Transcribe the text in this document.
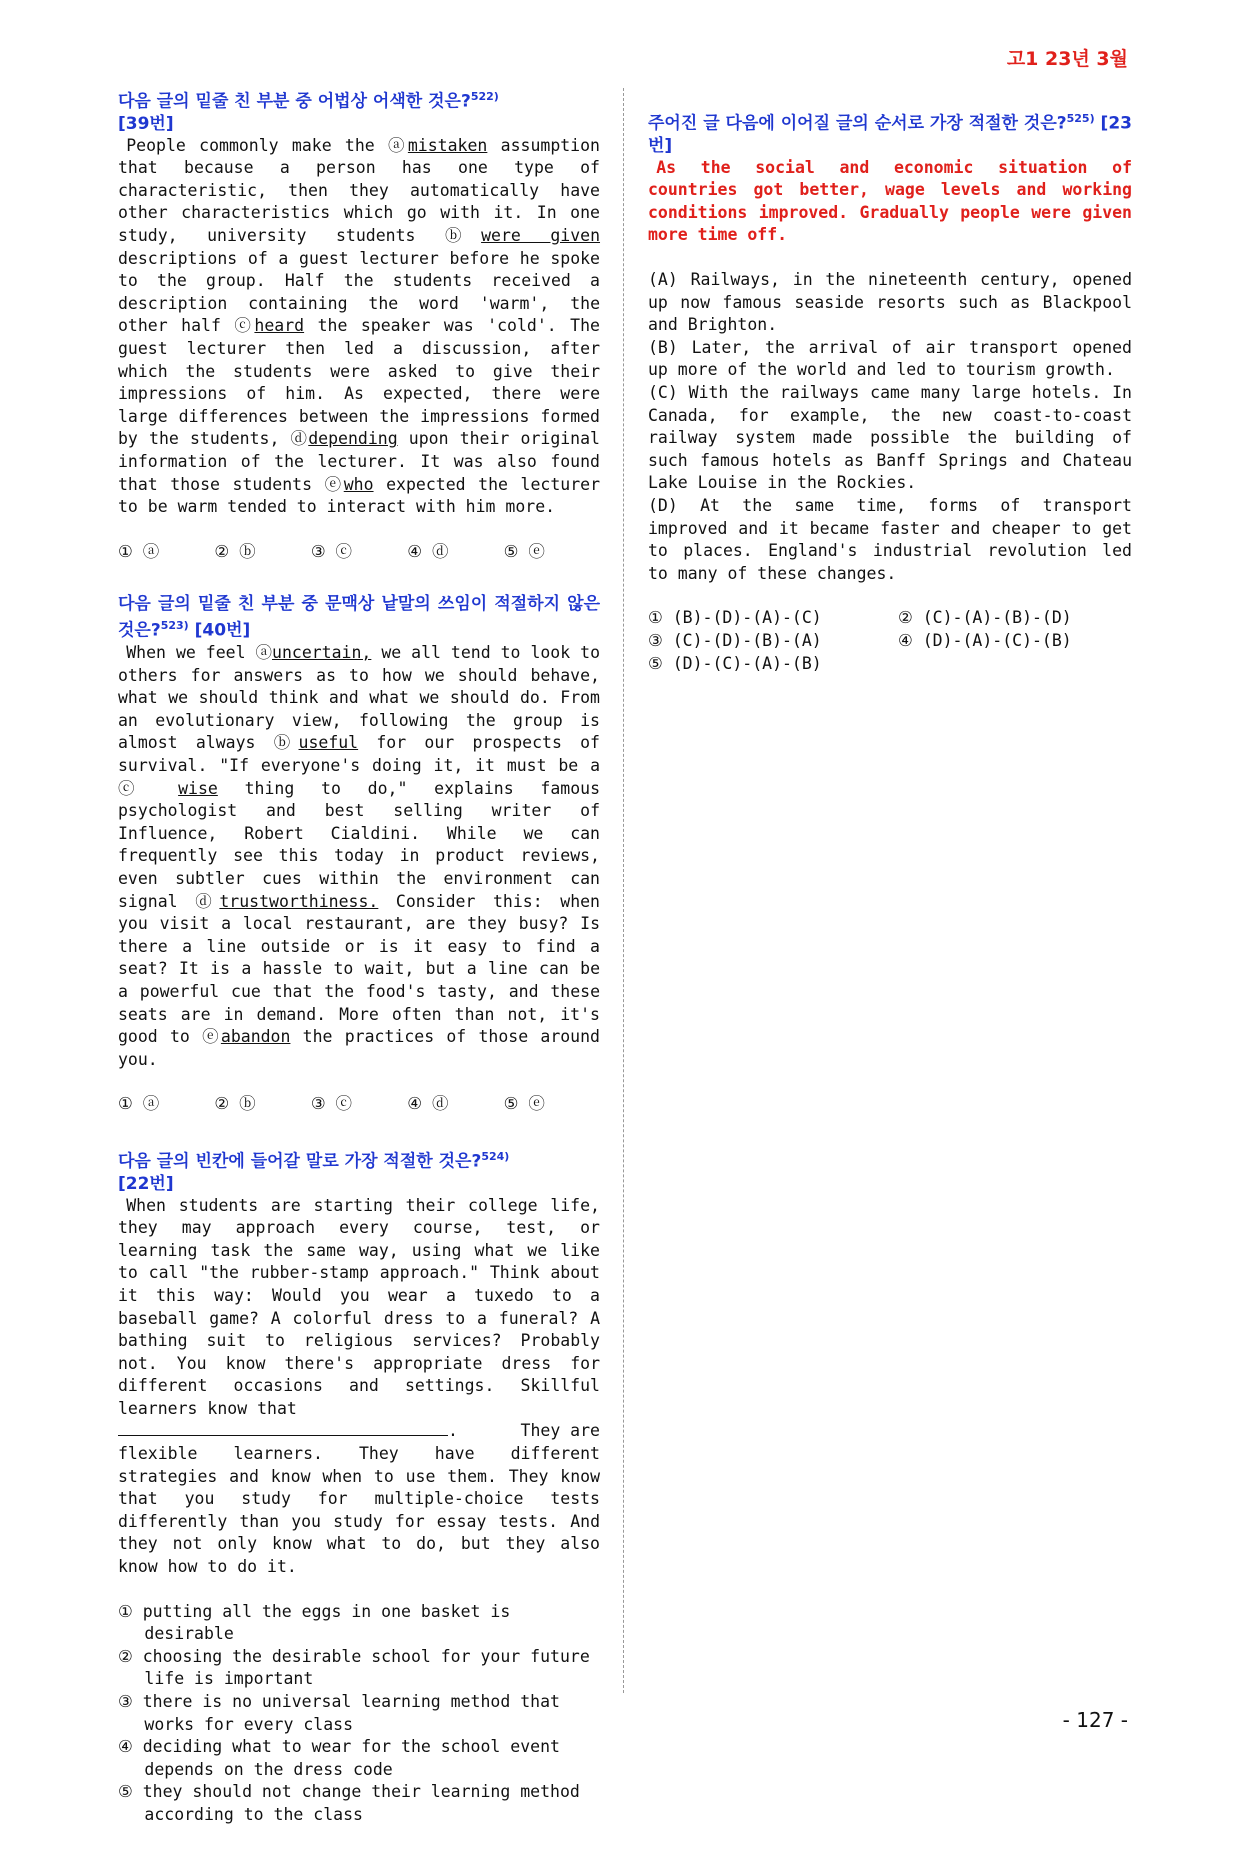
고1 23년 3월

다음 글의 밑줄 친 부분 중 어법상 어색한 것은?$^{522)}$
[39번]

People commonly make the ⓐmistaken assumption that because a person has one type of characteristic, then they automatically have other characteristics which go with it. In one study, university students ⓑwere given descriptions of a guest lecturer before he spoke to the group. Half the students received a description containing the word 'warm', the other half ⓒheard the speaker was 'cold'. The guest lecturer then led a discussion, after which the students were asked to give their impressions of him. As expected, there were large differences between the impressions formed by the students, ⓓdepending upon their original information of the lecturer. It was also found that those students ⓔwho expected the lecturer to be warm tended to interact with him more.

① ⓐ	② ⓑ	③ ⓒ	④ ⓓ	⑤ ⓔ

다음 글의 밑줄 친 부분 중 문맥상 낱말의 쓰임이 적절하지 않은 것은?$^{523)}$ [40번]

When we feel ⓐuncertain, we all tend to look to others for answers as to how we should behave, what we should think and what we should do. From an evolutionary view, following the group is almost always ⓑuseful for our prospects of survival. "If everyone's doing it, it must be a ⓒ wise thing to do," explains famous psychologist and best selling writer of Influence, Robert Cialdini. While we can frequently see this today in product reviews, even subtler cues within the environment can signal ⓓtrustworthiness. Consider this: when you visit a local restaurant, are they busy? Is there a line outside or is it easy to find a seat? It is a hassle to wait, but a line can be a powerful cue that the food's tasty, and these seats are in demand. More often than not, it's good to ⓔabandon the practices of those around you.

① ⓐ	② ⓑ	③ ⓒ	④ ⓓ	⑤ ⓔ

다음 글의 빈칸에 들어갈 말로 가장 적절한 것은?$^{524)}$
[22번]

When students are starting their college life, they may approach every course, test, or learning task the same way, using what we like to call "the rubber-stamp approach." Think about it this way: Would you wear a tuxedo to a baseball game? A colorful dress to a funeral? A bathing suit to religious services? Probably not. You know there's appropriate dress for different occasions and settings. Skillful learners know that

.	They are

flexible learners. They have different strategies and know when to use them. They know that you study for multiple-choice tests differently than you study for essay tests. And they not only know what to do, but they also know how to do it.

① putting all the eggs in one basket is desirable

② choosing the desirable school for your future life is important

③ there is no universal learning method that works for every class

④ deciding what to wear for the school event depends on the dress code

⑤ they should not change their learning method according to the class

주어진 글 다음에 이어질 글의 순서로 가장 적절한 것은?$^{525)}$ [23번]

As the social and economic situation of countries got better, wage levels and working conditions improved. Gradually people were given more time off.

(A) Railways, in the nineteenth century, opened up now famous seaside resorts such as Blackpool and Brighton.

(B) Later, the arrival of air transport opened up more of the world and led to tourism growth.

(C) With the railways came many large hotels. In Canada, for example, the new coast-to-coast railway system made possible the building of such famous hotels as Banff Springs and Chateau Lake Louise in the Rockies.

(D) At the same time, forms of transport improved and it became faster and cheaper to get to places. England's industrial revolution led to many of these changes.

① (B)-(D)-(A)-(C)	② (C)-(A)-(B)-(D)
③ (C)-(D)-(B)-(A)	④ (D)-(A)-(C)-(B)
⑤ (D)-(C)-(A)-(B)
- 127 -
